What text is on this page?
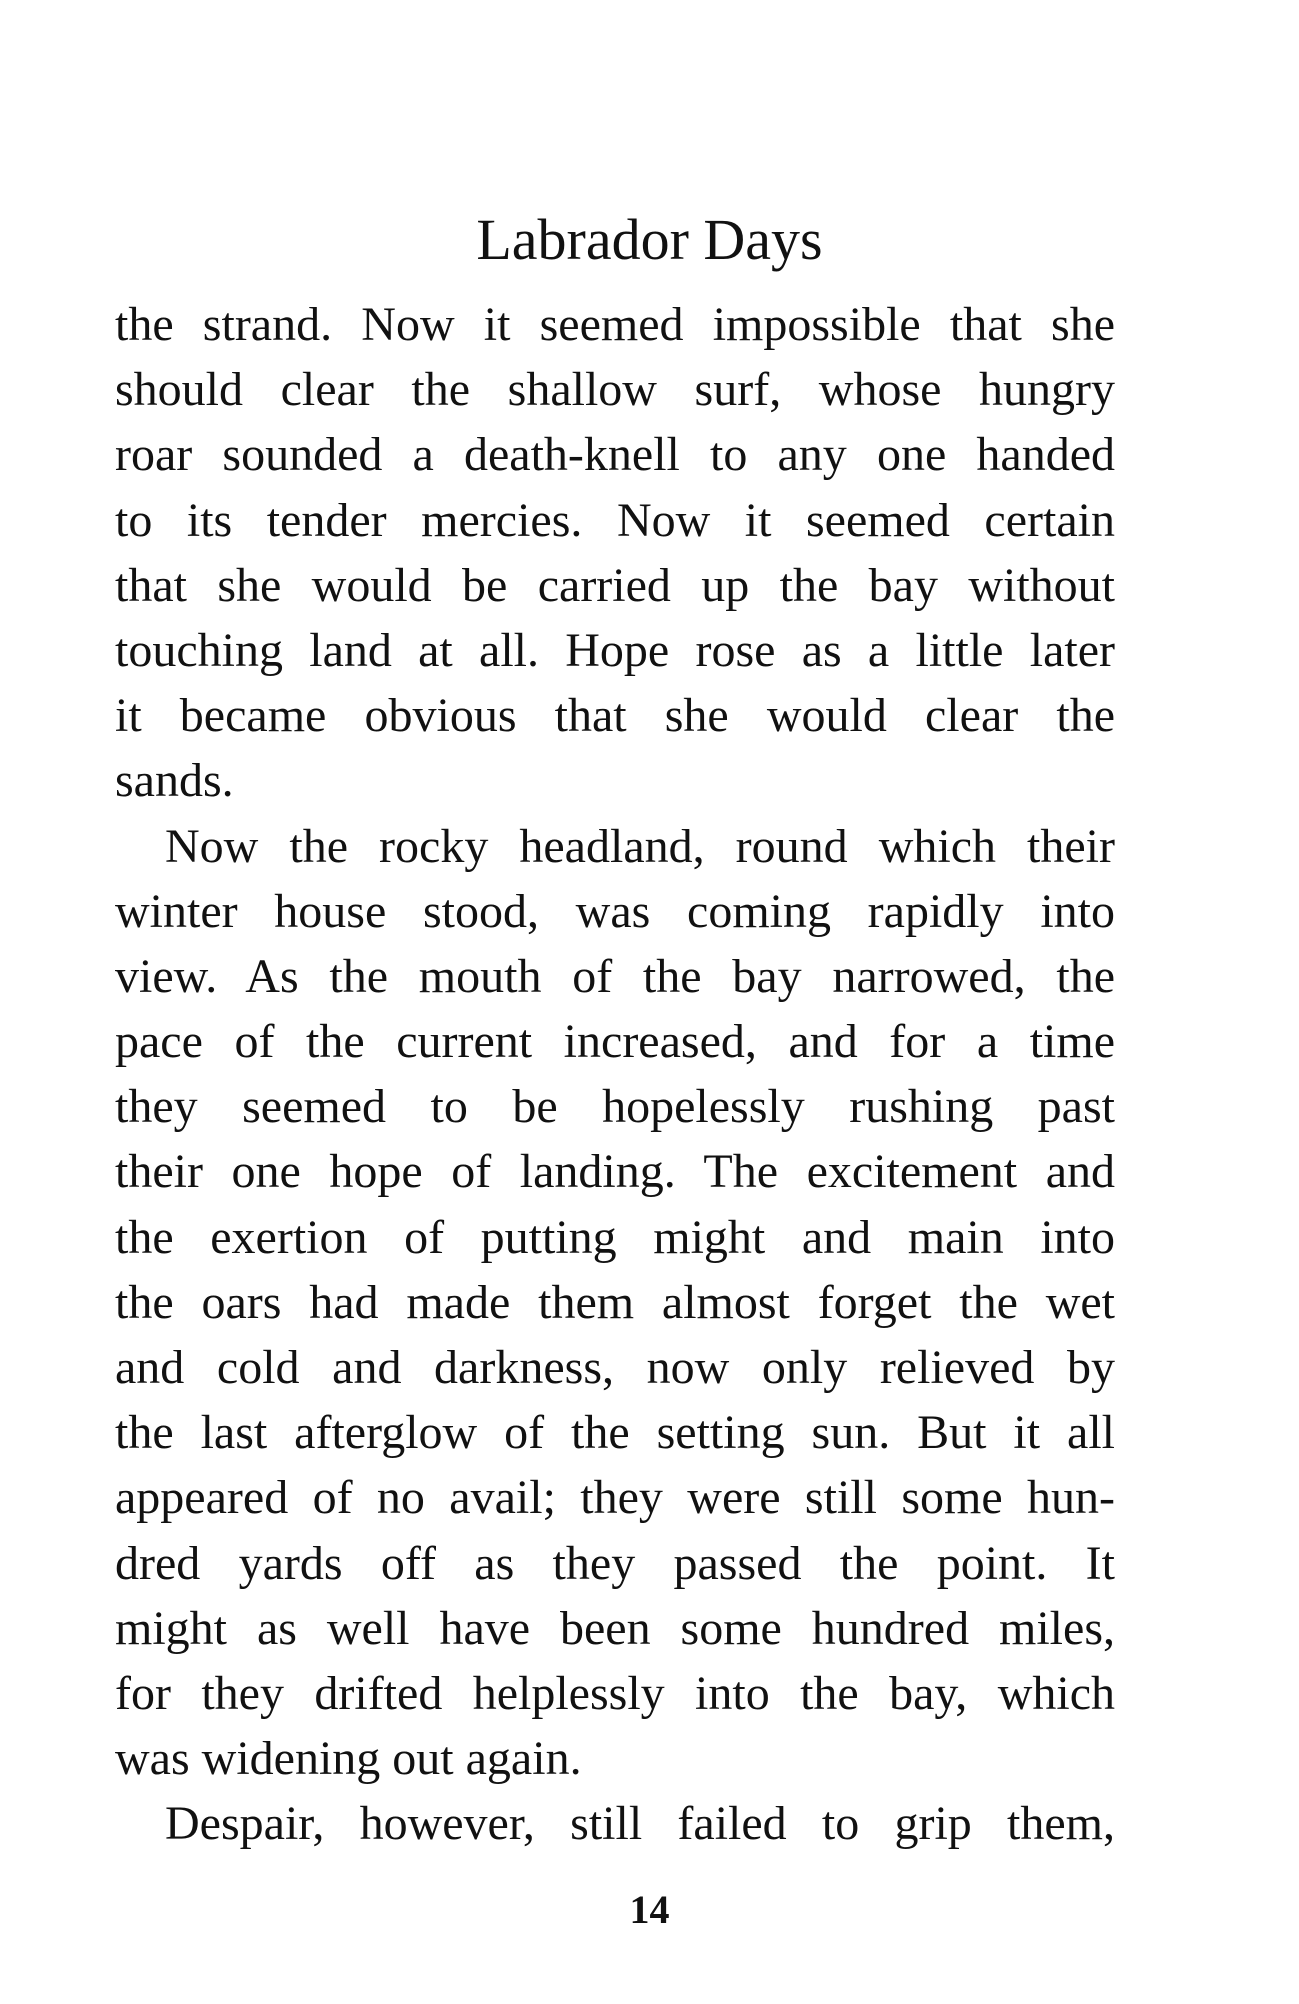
Labrador Days
the strand. Now it seemed impossible that she
should clear the shallow surf, whose hungry
roar sounded a death-knell to any one handed
to its tender mercies. Now it seemed certain
that she would be carried up the bay without
touching land at all. Hope rose as a little later
it became obvious that she would clear the
sands.
Now the rocky headland, round which their
winter house stood, was coming rapidly into
view. As the mouth of the bay narrowed, the
pace of the current increased, and for a time
they seemed to be hopelessly rushing past
their one hope of landing. The excitement and
the exertion of putting might and main into
the oars had made them almost forget the wet
and cold and darkness, now only relieved by
the last afterglow of the setting sun. But it all
appeared of no avail; they were still some hun-
dred yards off as they passed the point. It
might as well have been some hundred miles,
for they drifted helplessly into the bay, which
was widening out again.
Despair, however, still failed to grip them,
14
